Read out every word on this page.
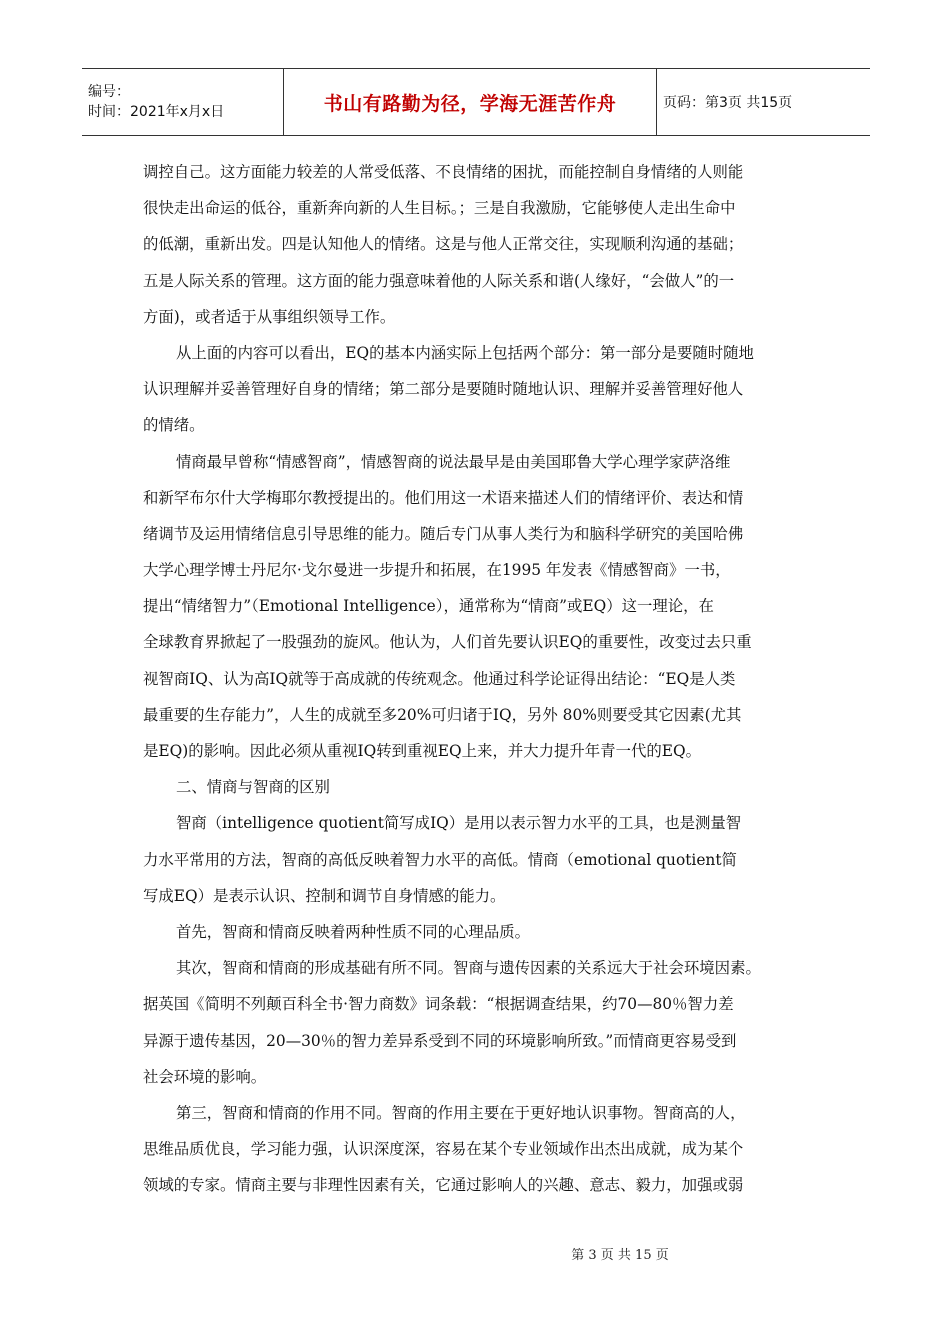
编号：
时间：2021年x月x日	书山有路勤为径，学海无涯苦作舟	页码：第3页 共15页
调控自己。这方面能力较差的人常受低落、不良情绪的困扰，而能控制自身情绪的人则能
很快走出命运的低谷，重新奔向新的人生目标。；三是自我激励，它能够使人走出生命中
的低潮，重新出发。四是认知他人的情绪。这是与他人正常交往，实现顺利沟通的基础；
五是人际关系的管理。这方面的能力强意味着他的人际关系和谐(人缘好，“会做人”的一
方面)，或者适于从事组织领导工作。
从上面的内容可以看出，EQ的基本内涵实际上包括两个部分：第一部分是要随时随地
认识理解并妥善管理好自身的情绪；第二部分是要随时随地认识、理解并妥善管理好他人
的情绪。
情商最早曾称“情感智商”，情感智商的说法最早是由美国耶鲁大学心理学家萨洛维
和新罕布尔什大学梅耶尔教授提出的。他们用这一术语来描述人们的情绪评价、表达和情
绪调节及运用情绪信息引导思维的能力。随后专门从事人类行为和脑科学研究的美国哈佛
大学心理学博士丹尼尔·戈尔曼进一步提升和拓展，在1995 年发表《情感智商》一书，
提出“情绪智力”（Emotional Intelligence），通常称为“情商”或EQ）这一理论，在
全球教育界掀起了一股强劲的旋风。他认为，人们首先要认识EQ的重要性，改变过去只重
视智商IQ、认为高IQ就等于高成就的传统观念。他通过科学论证得出结论：“EQ是人类
最重要的生存能力”，人生的成就至多20%可归诸于IQ，另外 80%则要受其它因素(尤其
是EQ)的影响。因此必须从重视IQ转到重视EQ上来，并大力提升年青一代的EQ。
二、情商与智商的区别
智商（intelligence quotient简写成IQ）是用以表示智力水平的工具，也是测量智
力水平常用的方法，智商的高低反映着智力水平的高低。情商（emotional quotient简
写成EQ）是表示认识、控制和调节自身情感的能力。
首先，智商和情商反映着两种性质不同的心理品质。
其次，智商和情商的形成基础有所不同。智商与遗传因素的关系远大于社会环境因素。
据英国《简明不列颠百科全书·智力商数》词条载：“根据调查结果，约70—80％智力差
异源于遗传基因，20—30％的智力差异系受到不同的环境影响所致。”而情商更容易受到
社会环境的影响。
第三，智商和情商的作用不同。智商的作用主要在于更好地认识事物。智商高的人，
思维品质优良，学习能力强，认识深度深，容易在某个专业领域作出杰出成就，成为某个
领域的专家。情商主要与非理性因素有关，它通过影响人的兴趣、意志、毅力，加强或弱
第 3 页 共 15 页
